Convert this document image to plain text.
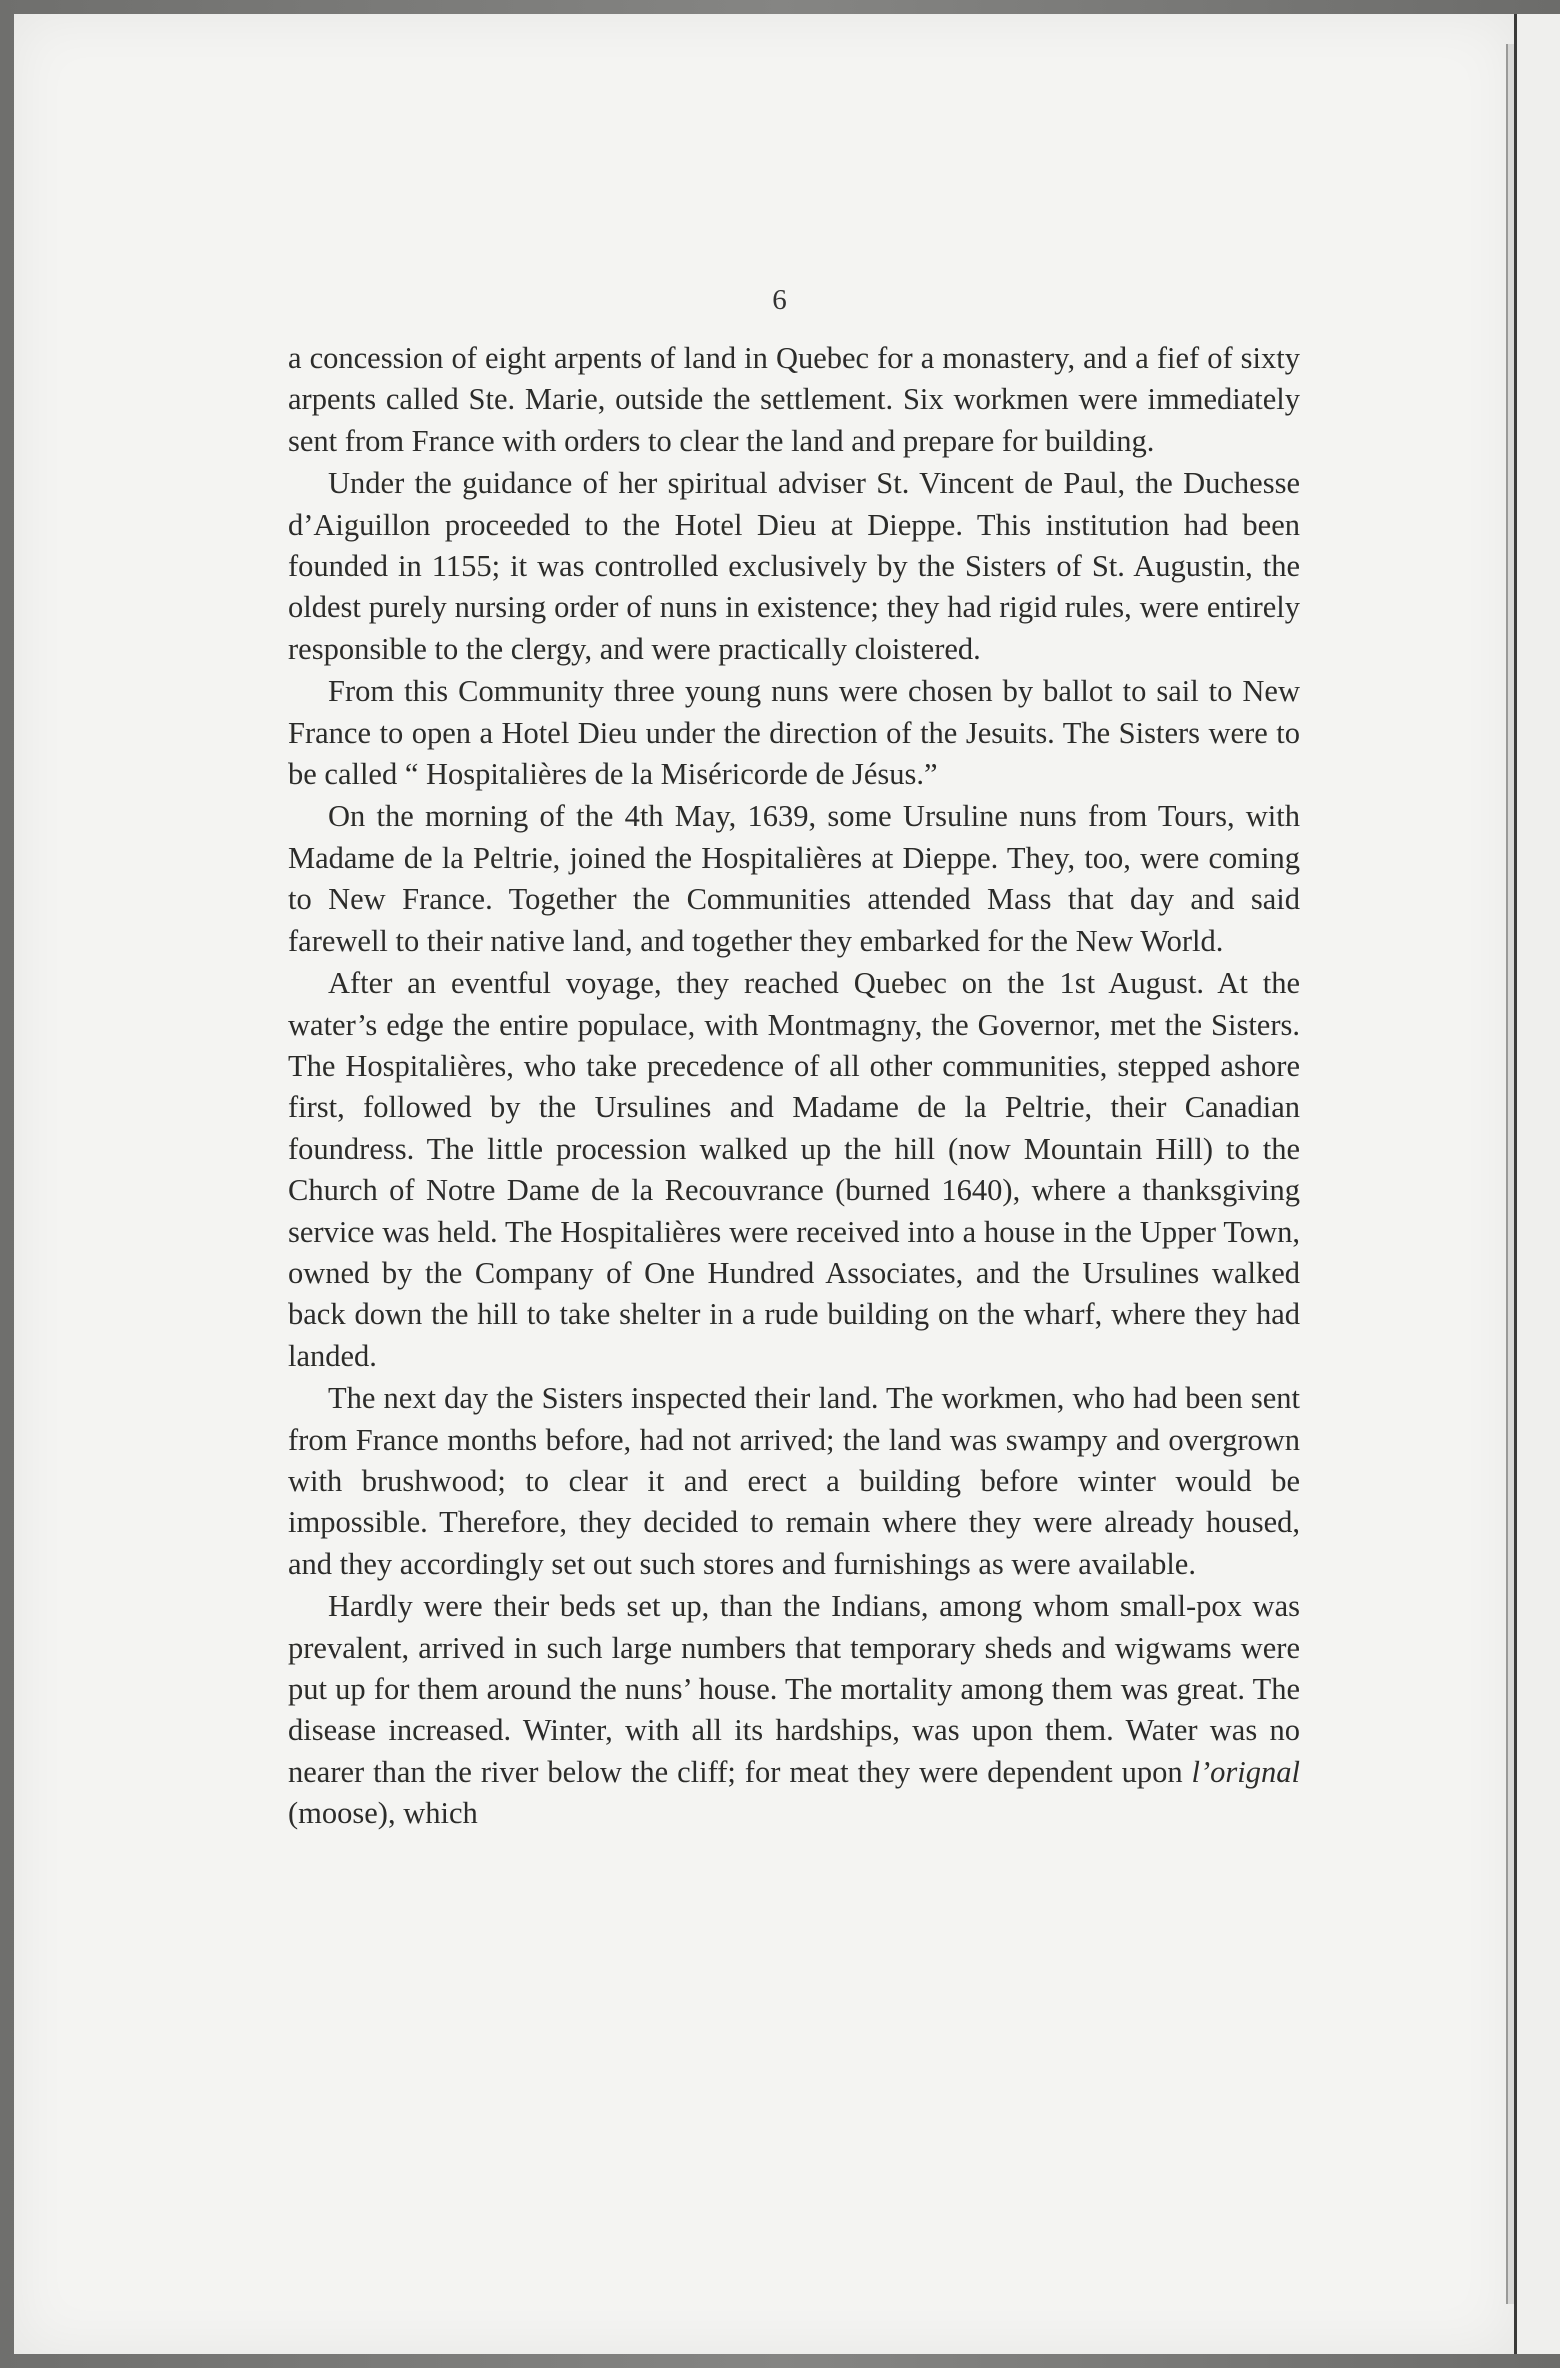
6

a concession of eight arpents of land in Quebec for a monastery, and a fief of sixty arpents called Ste. Marie, outside the settlement. Six workmen were immediately sent from France with orders to clear the land and prepare for building.

Under the guidance of her spiritual adviser St. Vincent de Paul, the Duchesse d’Aiguillon proceeded to the Hotel Dieu at Dieppe. This institution had been founded in 1155; it was controlled exclusively by the Sisters of St. Augustin, the oldest purely nursing order of nuns in existence; they had rigid rules, were entirely responsible to the clergy, and were practically cloistered.

From this Community three young nuns were chosen by ballot to sail to New France to open a Hotel Dieu under the direction of the Jesuits. The Sisters were to be called “ Hospitalières de la Miséricorde de Jésus.”

On the morning of the 4th May, 1639, some Ursuline nuns from Tours, with Madame de la Peltrie, joined the Hospitalières at Dieppe. They, too, were coming to New France. Together the Communities attended Mass that day and said farewell to their native land, and together they embarked for the New World.

After an eventful voyage, they reached Quebec on the 1st August. At the water’s edge the entire populace, with Montmagny, the Governor, met the Sisters. The Hospitalières, who take precedence of all other communities, stepped ashore first, followed by the Ursulines and Madame de la Peltrie, their Canadian foundress. The little procession walked up the hill (now Mountain Hill) to the Church of Notre Dame de la Recouvrance (burned 1640), where a thanksgiving service was held. The Hospitalières were received into a house in the Upper Town, owned by the Company of One Hundred Associates, and the Ursulines walked back down the hill to take shelter in a rude building on the wharf, where they had landed.

The next day the Sisters inspected their land. The workmen, who had been sent from France months before, had not arrived; the land was swampy and overgrown with brushwood; to clear it and erect a building before winter would be impossible. Therefore, they decided to remain where they were already housed, and they accordingly set out such stores and furnishings as were available.

Hardly were their beds set up, than the Indians, among whom small-pox was prevalent, arrived in such large numbers that temporary sheds and wigwams were put up for them around the nuns’ house. The mortality among them was great. The disease increased. Winter, with all its hardships, was upon them. Water was no nearer than the river below the cliff; for meat they were dependent upon l’orignal (moose), which
